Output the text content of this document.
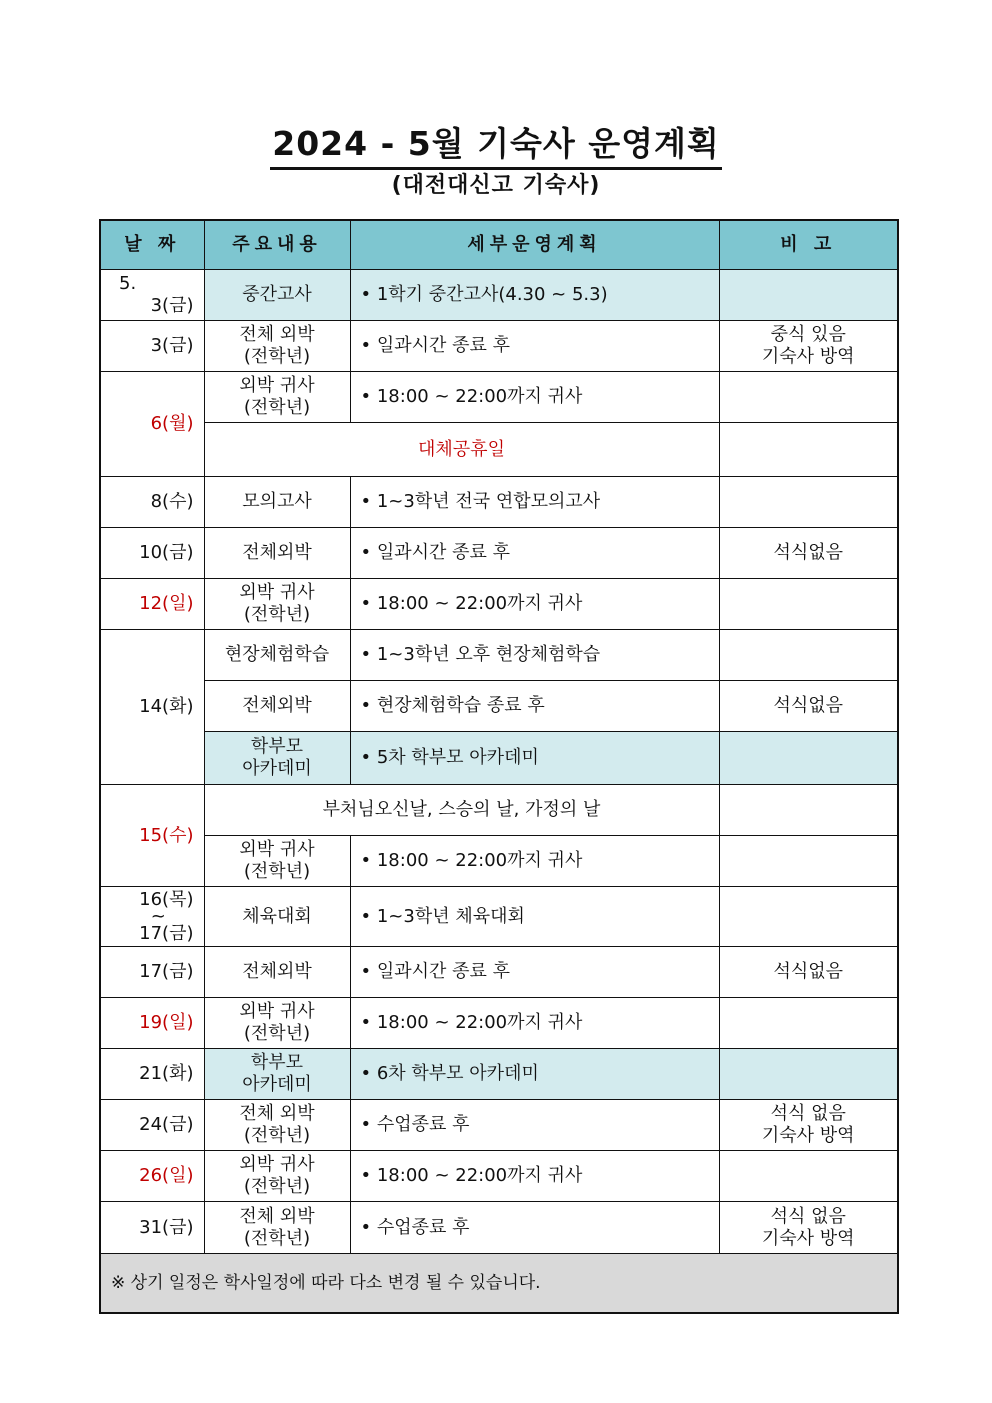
2024 - 5월 기숙사 운영계획
(대전대신고 기숙사)
날 짜	주요내용	세부운영계획	비 고

5.
3(금)	중간고사	• 1학기 중간고사(4.30 ~ 5.3)	
3(금)	전체 외박
(전학년)	• 일과시간 종료 후	중식 있음
기숙사 방역
6(월)	외박 귀사
(전학년)	• 18:00 ~ 22:00까지 귀사	
	대체공휴일		
8(수)	모의고사	• 1~3학년 전국 연합모의고사	
10(금)	전체외박	• 일과시간 종료 후	석식없음
12(일)	외박 귀사
(전학년)	• 18:00 ~ 22:00까지 귀사	
14(화)	현장체험학습	• 1~3학년 오후 현장체험학습	
	전체외박	• 현장체험학습 종료 후	석식없음
	학부모
아카데미	• 5차 학부모 아카데미	
15(수)	부처님오신날, 스승의 날, 가정의 날		
	외박 귀사
(전학년)	• 18:00 ~ 22:00까지 귀사	

16(목)
~
17(금)	체육대회	• 1~3학년 체육대회	
17(금)	전체외박	• 일과시간 종료 후	석식없음
19(일)	외박 귀사
(전학년)	• 18:00 ~ 22:00까지 귀사	
21(화)	학부모
아카데미	• 6차 학부모 아카데미	
24(금)	전체 외박
(전학년)	• 수업종료 후	석식 없음
기숙사 방역
26(일)	외박 귀사
(전학년)	• 18:00 ~ 22:00까지 귀사	
31(금)	전체 외박
(전학년)	• 수업종료 후	석식 없음
기숙사 방역
※ 상기 일정은 학사일정에 따라 다소 변경 될 수 있습니다.			
